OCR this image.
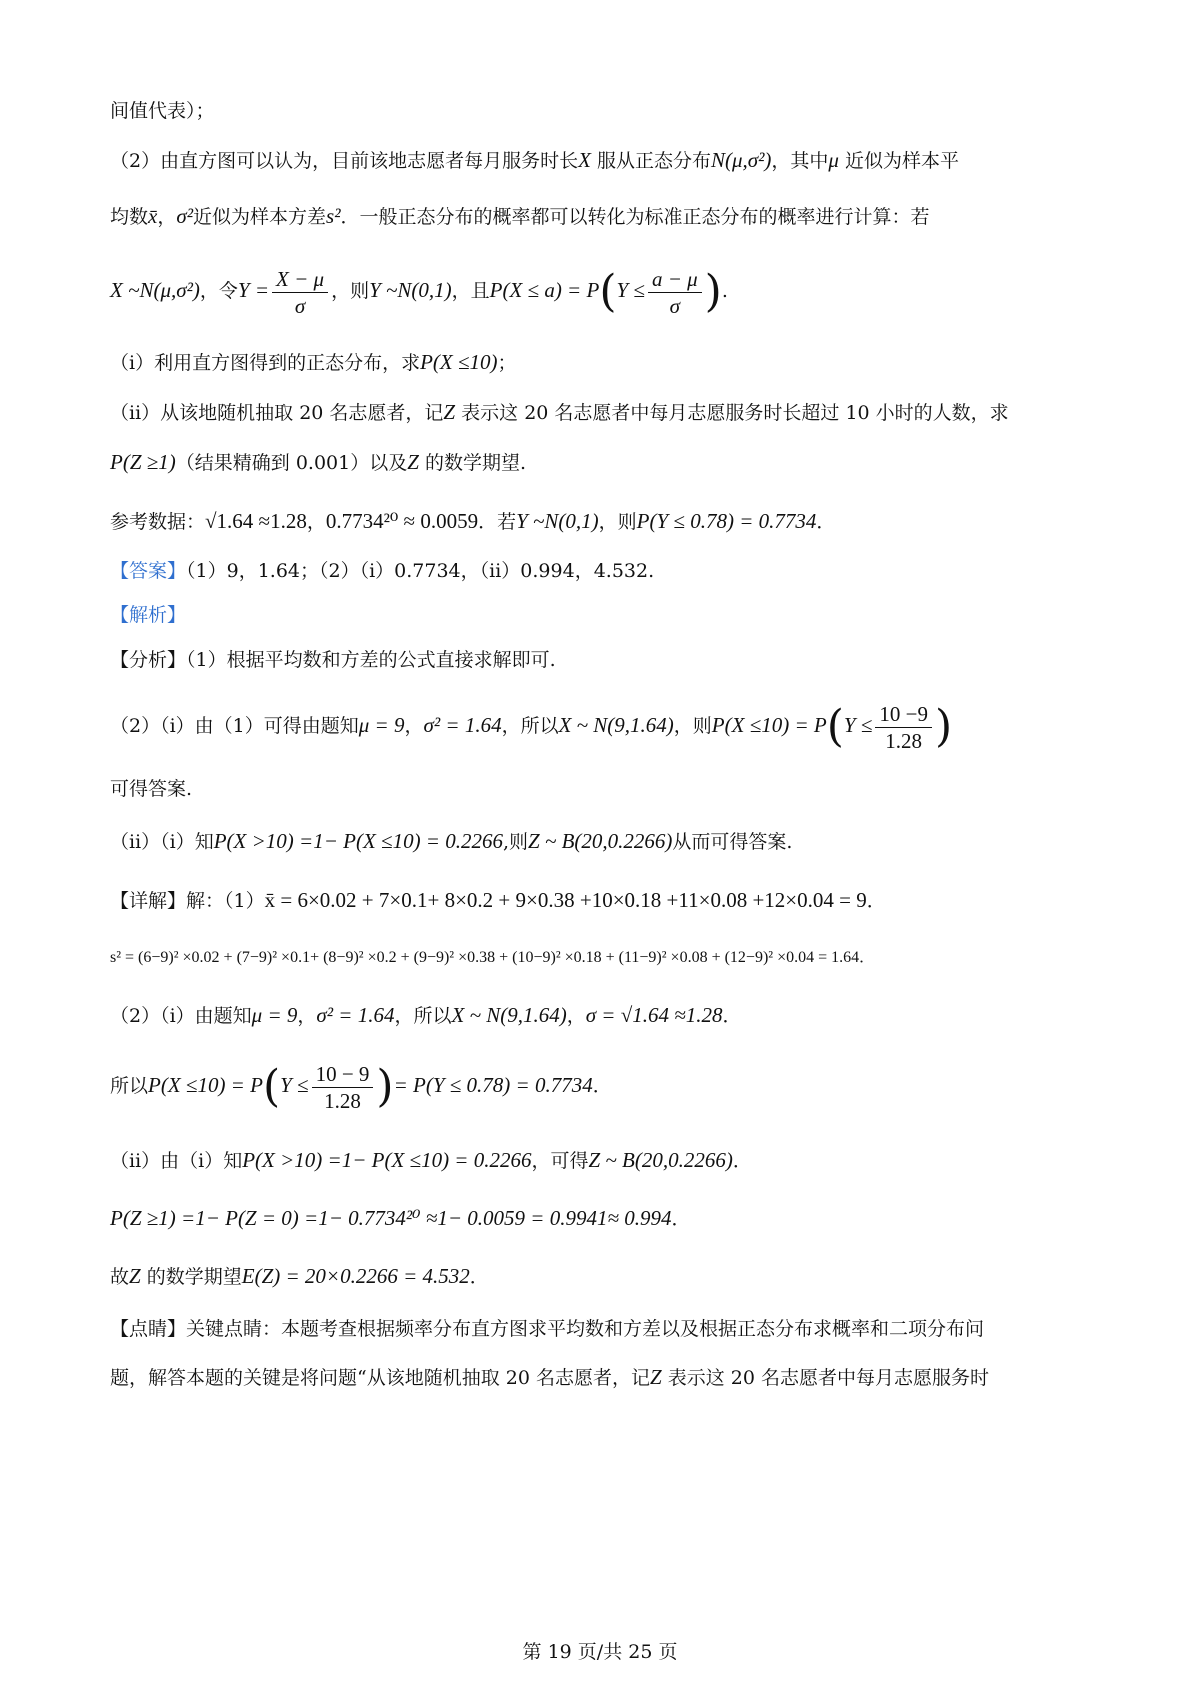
间值代表）；
（2）由直方图可以认为，目前该地志愿者每月服务时长X 服从正态分布N(μ,σ²)，其中μ 近似为样本平
均数x̄，σ²近似为样本方差s²．一般正态分布的概率都可以转化为标准正态分布的概率进行计算：若
X ~N(μ,σ²)，令$Y = \frac{X - \mu}{\sigma}$ ，则Y ~N(0,1)，且$P(X \le a) = P(Y \le \frac{a - \mu}{\sigma}$ ).
（ⅰ）利用直方图得到的正态分布，求P(X ≤10)；
（ⅱ）从该地随机抽取 20 名志愿者，记Z 表示这 20 名志愿者中每月志愿服务时长超过 10 小时的人数，求
P(Z ≥1)（结果精确到 0.001）以及Z 的数学期望.
参考数据：√1.64 ≈1.28，0.7734²⁰ ≈ 0.0059．若Y ~N(0,1)，则P(Y ≤ 0.78) = 0.7734．
【答案】（1）9，1.64；（2）（ⅰ）0.7734，（ⅱ）0.994，4.532.
【解析】
【分析】（1）根据平均数和方差的公式直接求解即可.
（2）（ⅰ）由（1）可得由题知μ = 9，σ² = 1.64，所以X ~ N(9,1.64)，则$P(X \le 10) = P(Y \le \frac{10 -9}{1.28}$ )
可得答案.
（ⅱ）（ⅰ）知P(X >10) =1− P(X ≤10) = 0.2266,则Z ~ B(20,0.2266)从而可得答案.
【详解】解：（1）x̄ = 6×0.02 + 7×0.1+ 8×0.2 + 9×0.38 +10×0.18 +11×0.08 +12×0.04 = 9．
s² = (6−9)² ×0.02 + (7−9)² ×0.1+ (8−9)² ×0.2 + (9−9)² ×0.38 + (10−9)² ×0.18 + (11−9)² ×0.08 + (12−9)² ×0.04 = 1.64．
（2）（ⅰ）由题知μ = 9，σ² = 1.64，所以X ~ N(9,1.64)，σ = √1.64 ≈1.28．
所以$P(X \le 10) = P(Y \le \frac{10 - 9}{1.28}$ )= P(Y ≤ 0.78) = 0.7734．
（ⅱ）由（ⅰ）知P(X >10) =1− P(X ≤10) = 0.2266，可得Z ~ B(20,0.2266)．
P(Z ≥1) =1− P(Z = 0) =1− 0.7734²⁰ ≈1− 0.0059 = 0.9941≈ 0.994．
故Z 的数学期望E(Z) = 20×0.2266 = 4.532．
【点睛】关键点睛：本题考查根据频率分布直方图求平均数和方差以及根据正态分布求概率和二项分布问
题，解答本题的关键是将问题“从该地随机抽取 20 名志愿者，记Z 表示这 20 名志愿者中每月志愿服务时
第 19 页/共 25 页
